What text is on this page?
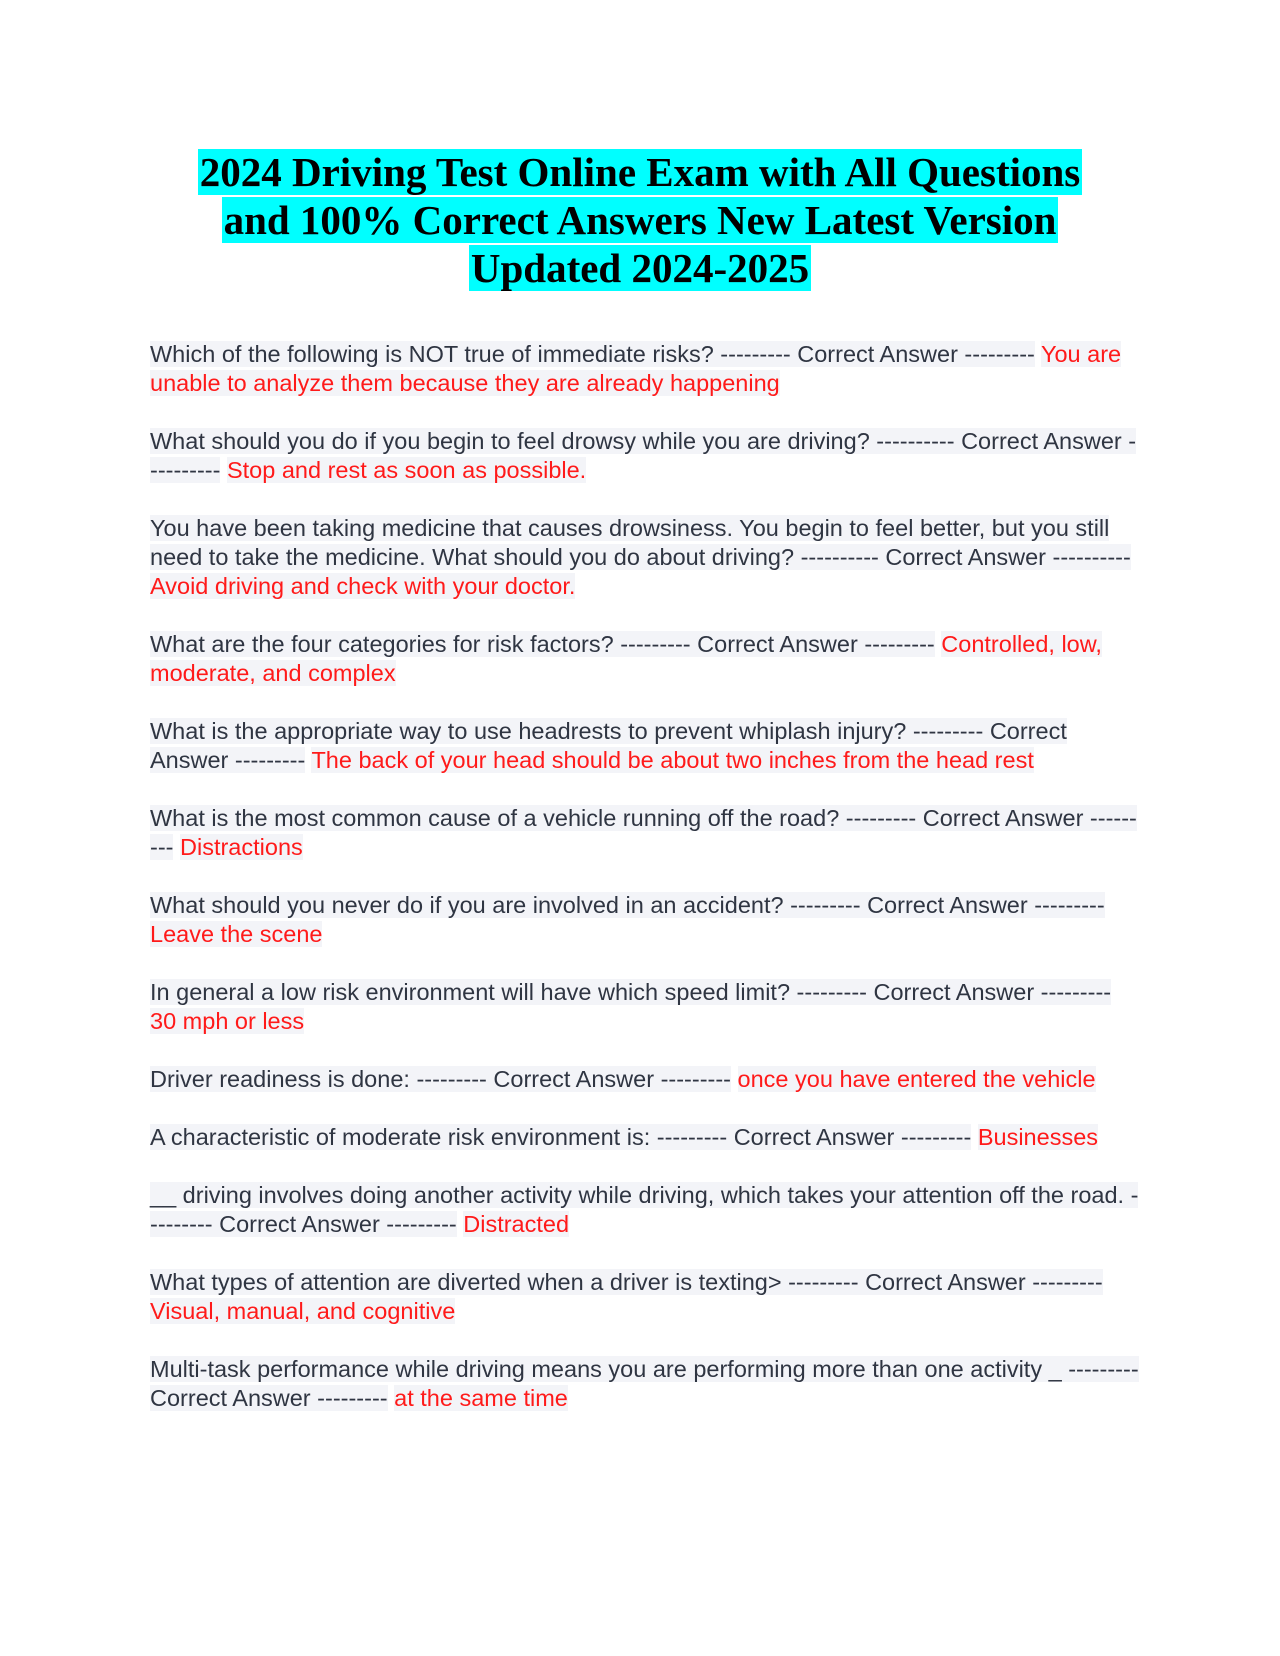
2024 Driving Test Online Exam with All Questions
and 100% Correct Answers New Latest Version
Updated 2024-2025
Which of the following is NOT true of immediate risks? --------- Correct Answer --------- You are unable to analyze them because they are already happening
What should you do if you begin to feel drowsy while you are driving? ---------- Correct Answer ---------- Stop and rest as soon as possible.
You have been taking medicine that causes drowsiness. You begin to feel better, but you still need to take the medicine. What should you do about driving? ---------- Correct Answer ---------- Avoid driving and check with your doctor.
What are the four categories for risk factors? --------- Correct Answer --------- Controlled, low, moderate, and complex
What is the appropriate way to use headrests to prevent whiplash injury? --------- Correct Answer --------- The back of your head should be about two inches from the head rest
What is the most common cause of a vehicle running off the road? --------- Correct Answer --------- Distractions
What should you never do if you are involved in an accident? --------- Correct Answer --------- Leave the scene
In general a low risk environment will have which speed limit? --------- Correct Answer --------- 30 mph or less
Driver readiness is done: --------- Correct Answer --------- once you have entered the vehicle
A characteristic of moderate risk environment is: --------- Correct Answer --------- Businesses
__ driving involves doing another activity while driving, which takes your attention off the road. --------- Correct Answer --------- Distracted
What types of attention are diverted when a driver is texting> --------- Correct Answer --------- Visual, manual, and cognitive
Multi-task performance while driving means you are performing more than one activity _ --------- Correct Answer --------- at the same time
